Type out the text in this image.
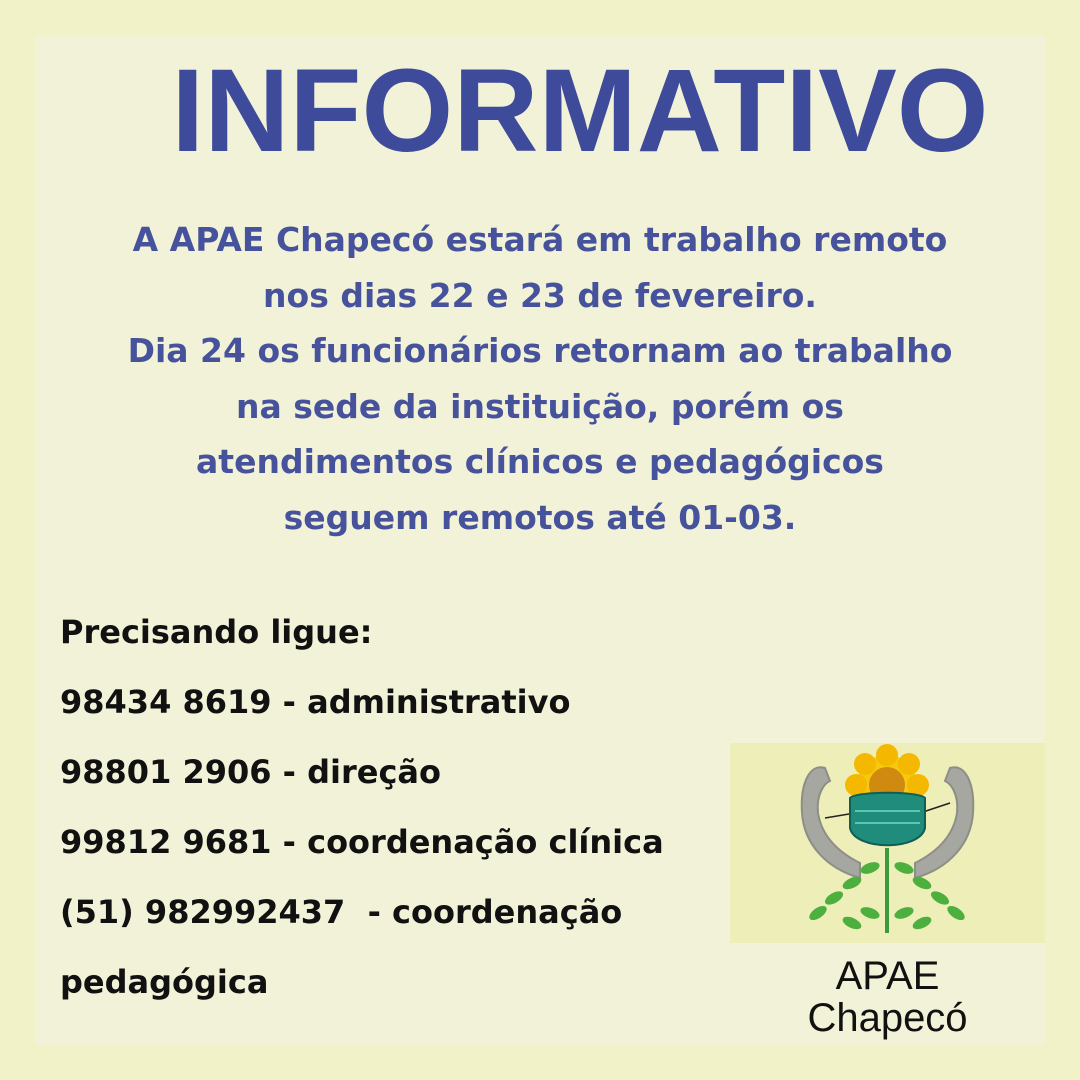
INFORMATIVO
A APAE Chapecó estará em trabalho remoto
nos dias 22 e 23 de fevereiro.
Dia 24 os funcionários retornam ao trabalho
na sede da instituição, porém os
atendimentos clínicos e pedagógicos
seguem remotos até 01-03.
Precisando ligue:
98434 8619 - administrativo
98801 2906 - direção
99812 9681 - coordenação clínica
(51) 982992437  - coordenação
pedagógica	APAE
Chapecó
